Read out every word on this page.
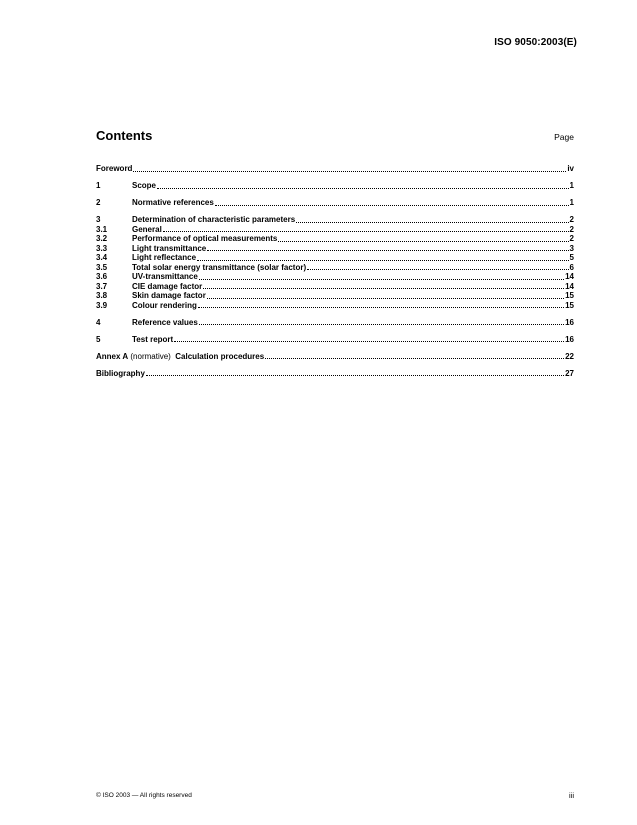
ISO 9050:2003(E)
Contents	Page
Foreword	iv
1	Scope	1
2	Normative references	1
3	Determination of characteristic parameters	2
3.1	General	2
3.2	Performance of optical measurements	2
3.3	Light transmittance	3
3.4	Light reflectance	5
3.5	Total solar energy transmittance (solar factor)	6
3.6	UV-transmittance	14
3.7	CIE damage factor	14
3.8	Skin damage factor	15
3.9	Colour rendering	15
4	Reference values	16
5	Test report	16
Annex A (normative)  Calculation procedures	22
Bibliography	27
© ISO 2003 — All rights reserved	iii
